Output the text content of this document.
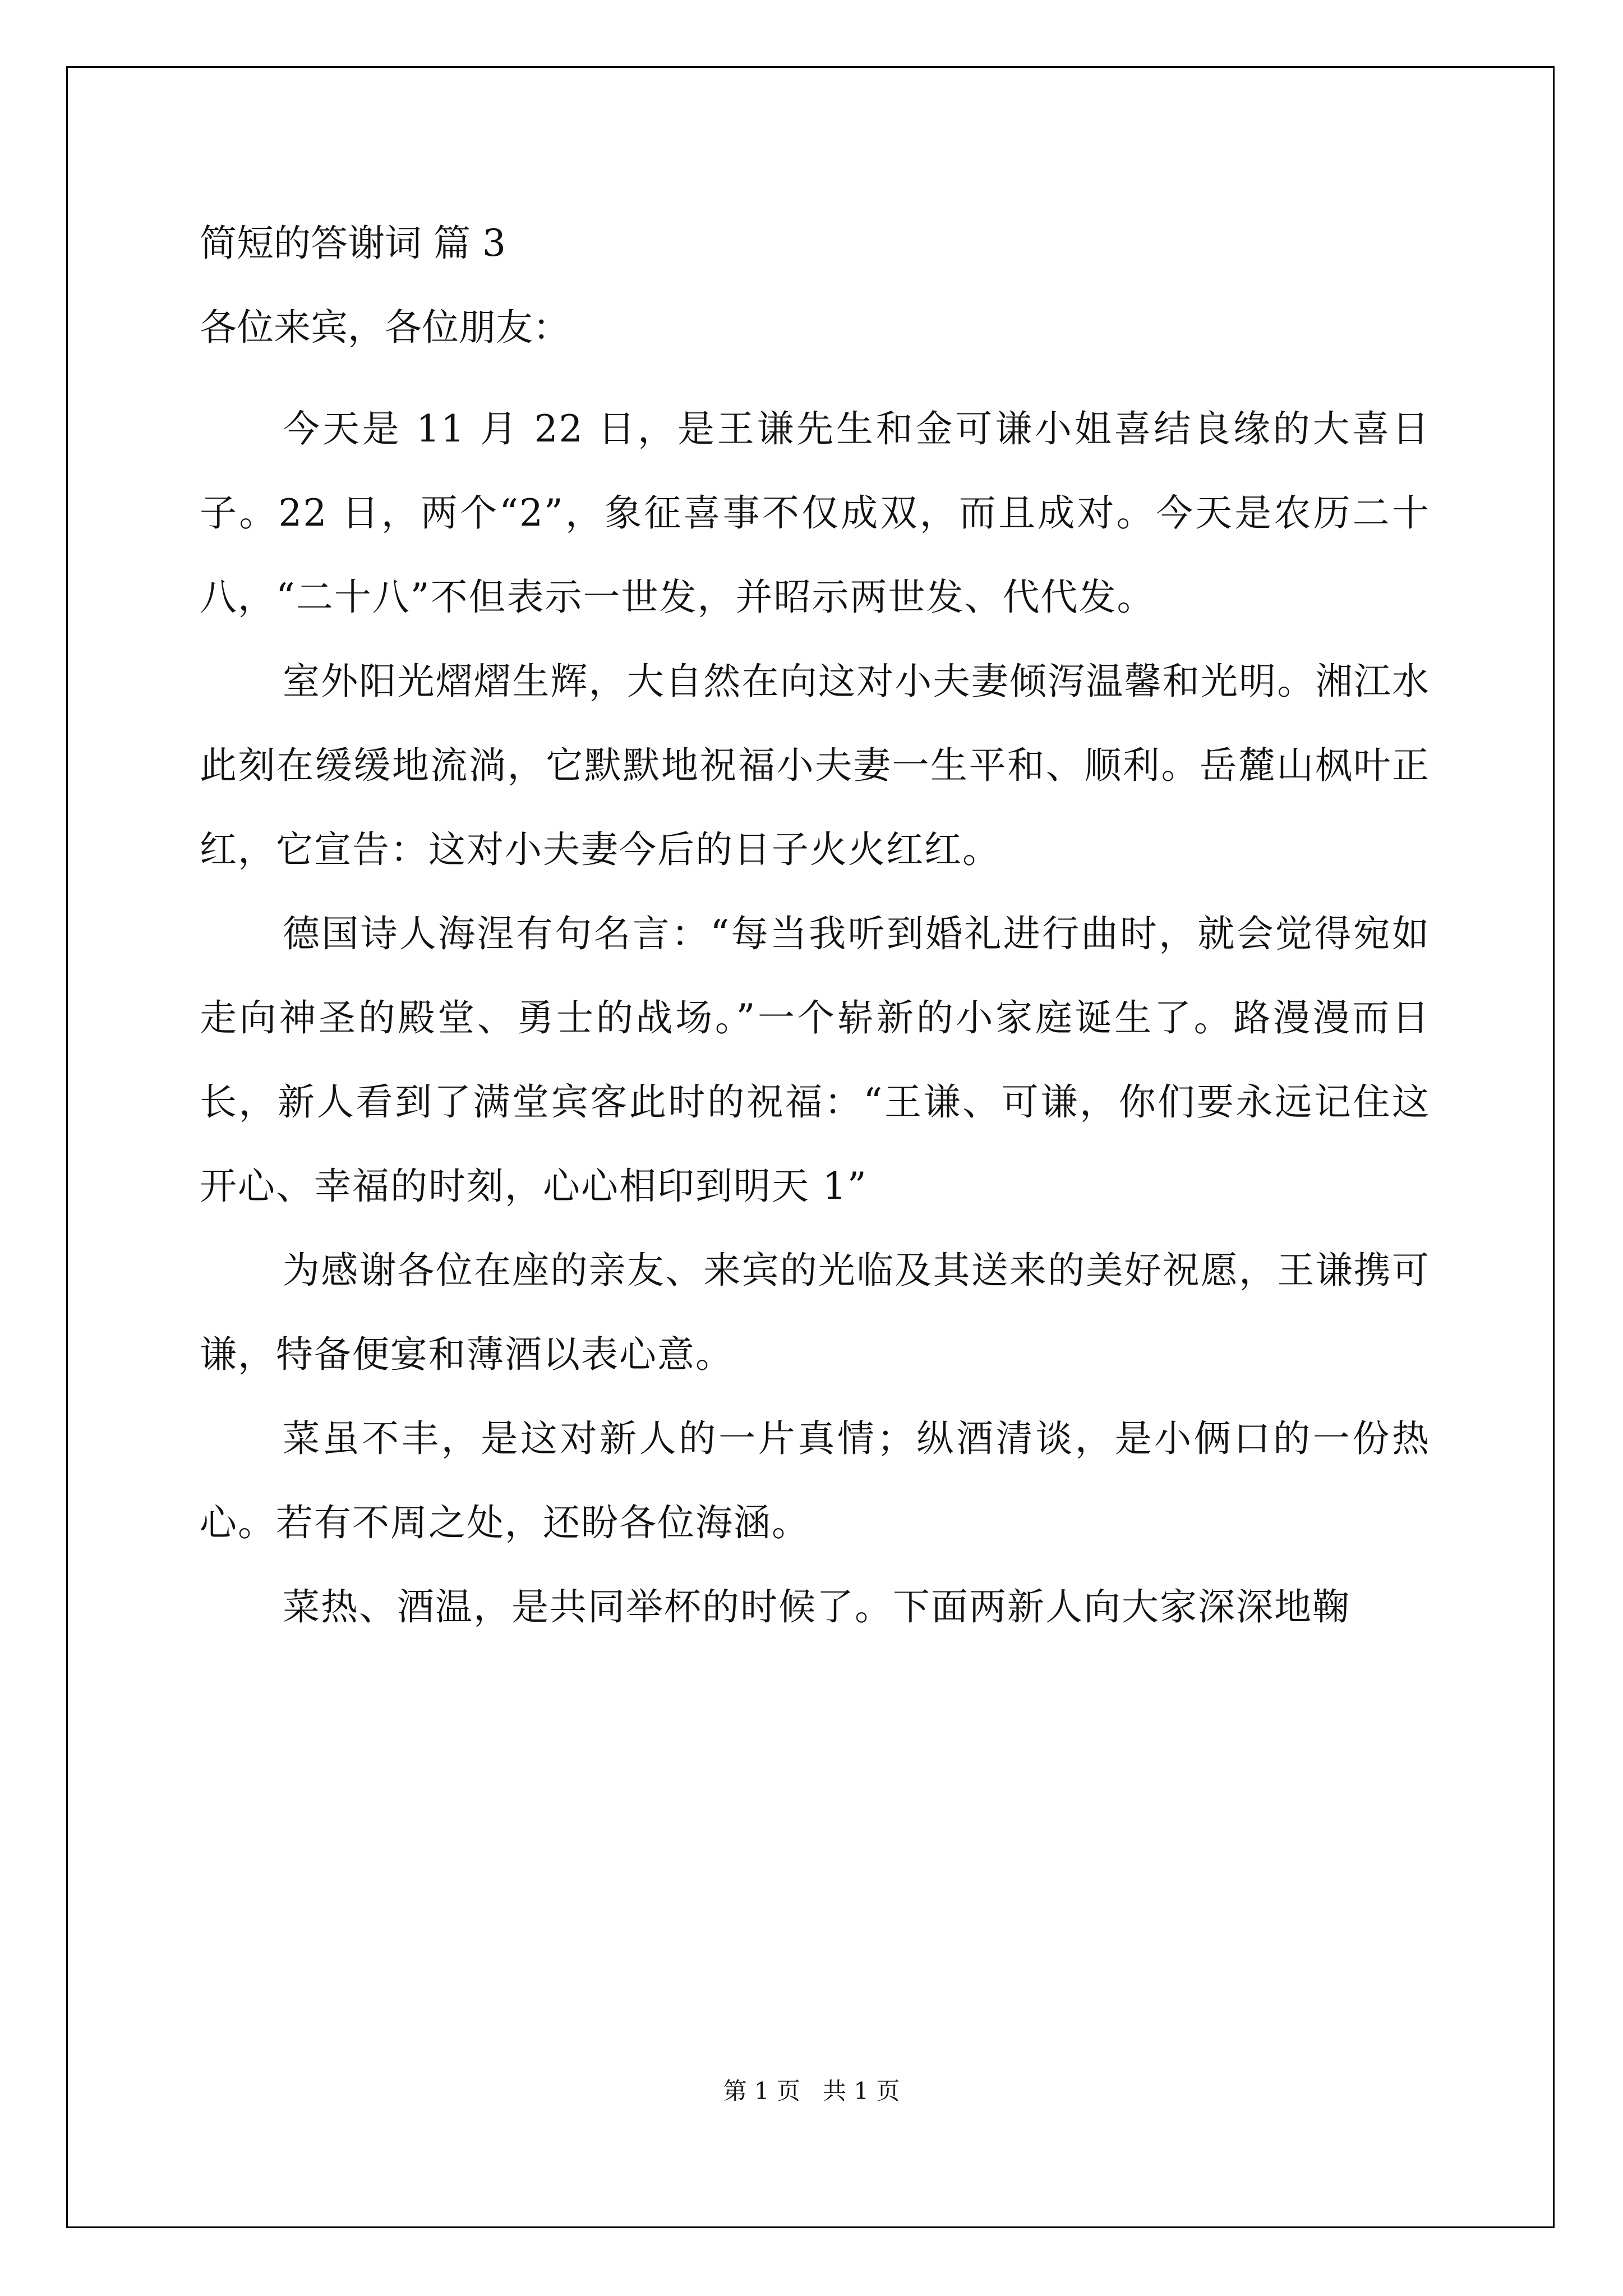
简短的答谢词 篇 3
各位来宾，各位朋友：

今天是 11 月 22 日，是王谦先生和金可谦小姐喜结良缘的大喜日子。22 日，两个“2”，象征喜事不仅成双，而且成对。今天是农历二十八，“二十八”不但表示一世发，并昭示两世发、代代发。

室外阳光熠熠生辉，大自然在向这对小夫妻倾泻温馨和光明。湘江水此刻在缓缓地流淌，它默默地祝福小夫妻一生平和、顺利。岳麓山枫叶正红，它宣告：这对小夫妻今后的日子火火红红。

德国诗人海涅有句名言：“每当我听到婚礼进行曲时，就会觉得宛如走向神圣的殿堂、勇士的战场。”一个崭新的小家庭诞生了。路漫漫而日长，新人看到了满堂宾客此时的祝福：“王谦、可谦，你们要永远记住这开心、幸福的时刻，心心相印到明天 1”

为感谢各位在座的亲友、来宾的光临及其送来的美好祝愿，王谦携可谦，特备便宴和薄酒以表心意。

菜虽不丰，是这对新人的一片真情；纵酒清谈，是小俩口的一份热心。若有不周之处，还盼各位海涵。

菜热、酒温，是共同举杯的时候了。下面两新人向大家深深地鞠

第 1 页 共 1 页
